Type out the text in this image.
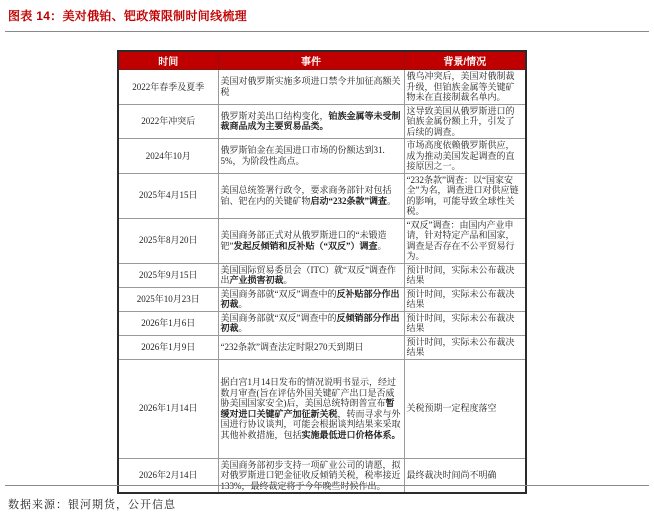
图表 14：美对俄铂、钯政策限制时间线梳理
时间	事件	背景/情况
2022年春季及夏季	美国对俄罗斯实施多项进口禁令并加征高额关税	俄乌冲突后，美国对俄制裁升级，但铂族金属等关键矿物未在直接制裁名单内。
2022年冲突后	俄罗斯对美出口结构变化，铂族金属等未受制裁商品成为主要贸易品类。	这导致美国从俄罗斯进口的铂族金属份额上升，引发了后续的调查。
2024年10月	俄罗斯铂金在美国进口市场的份额达到31.5%，为阶段性高点。	市场高度依赖俄罗斯供应，成为推动美国发起调查的直接原因之一。
2025年4月15日	美国总统签署行政令，要求商务部针对包括铂、钯在内的关键矿物启动“232条款”调查。	“232条款”调查：以“国家安全”为名，调查进口对供应链的影响，可能导致全球性关税。
2025年8月20日	美国商务部正式对从俄罗斯进口的“未锻造钯”发起反倾销和反补贴（“双反”）调查。	“双反”调查：由国内产业申请，针对特定产品和国家，调查是否存在不公平贸易行为。
2025年9月15日	美国国际贸易委员会（ITC）就“双反”调查作出产业损害初裁。	预计时间，实际未公布裁决结果
2025年10月23日	美国商务部就“双反”调查中的反补贴部分作出初裁。	预计时间，实际未公布裁决结果
2026年1月6日	美国商务部就“双反”调查中的反倾销部分作出初裁。	预计时间，实际未公布裁决结果
2026年1月9日	“232条款”调查法定时限270天到期日	预计时间，实际未公布裁决结果
2026年1月14日	据白宫1月14日发布的情况说明书显示，经过数月审查(旨在评估外国关键矿产出口是否威胁美国国家安全)后，美国总统特朗普宣布暂缓对进口关键矿产加征新关税，转而寻求与外国进行协议谈判，可能会根据谈判结果来采取其他补救措施，包括实施最低进口价格体系。	关税预期一定程度落空
2026年2月14日	美国商务部初步支持一项矿业公司的请愿，拟对俄罗斯进口钯金征收反倾销关税，税率接近133%，最终裁定将于今年晚些时候作出。	最终裁决时间尚不明确
数据来源：银河期货，公开信息
